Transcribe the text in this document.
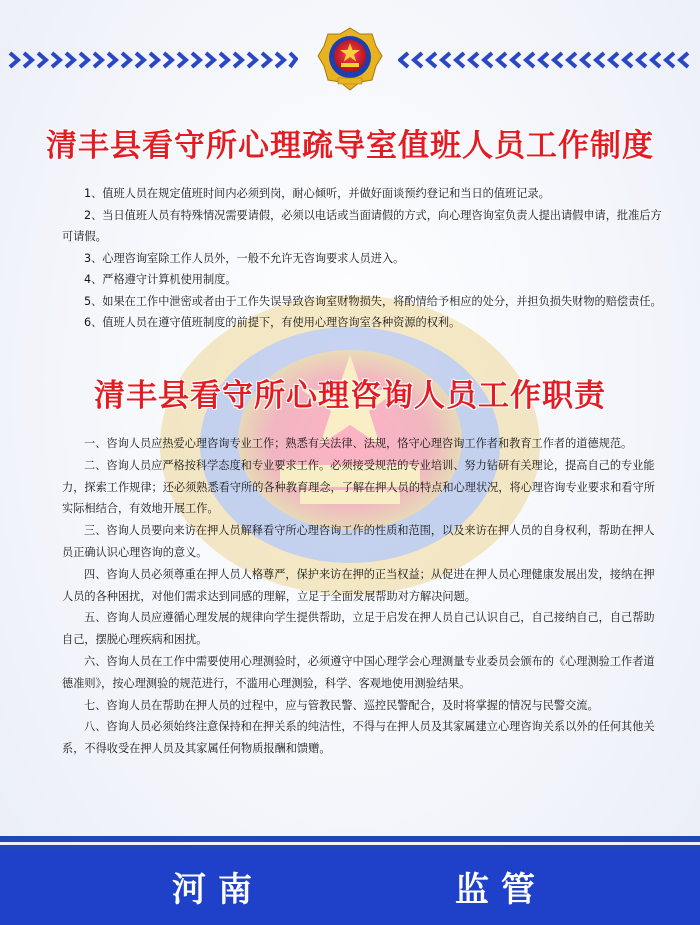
清丰县看守所心理疏导室值班人员工作制度

1、值班人员在规定值班时间内必须到岗，耐心倾听，并做好面谈预约登记和当日的值班记录。

2、当日值班人员有特殊情况需要请假，必须以电话或当面请假的方式，向心理咨询室负责人提出请假申请，批准后方可请假。

3、心理咨询室除工作人员外，一般不允许无咨询要求人员进入。

4、严格遵守计算机使用制度。

5、如果在工作中泄密或者由于工作失误导致咨询室财物损失，将酌情给予相应的处分，并担负损失财物的赔偿责任。

6、值班人员在遵守值班制度的前提下，有使用心理咨询室各种资源的权利。

清丰县看守所心理咨询人员工作职责

一、咨询人员应热爱心理咨询专业工作；熟悉有关法律、法规，恪守心理咨询工作者和教育工作者的道德规范。

二、咨询人员应严格按科学态度和专业要求工作。必须接受规范的专业培训、努力钻研有关理论，提高自己的专业能力，探索工作规律；还必须熟悉看守所的各种教育理念，了解在押人员的特点和心理状况，将心理咨询专业要求和看守所实际相结合，有效地开展工作。

三、咨询人员要向来访在押人员解释看守所心理咨询工作的性质和范围，以及来访在押人员的自身权利，帮助在押人员正确认识心理咨询的意义。

四、咨询人员必须尊重在押人员人格尊严，保护来访在押的正当权益；从促进在押人员心理健康发展出发，接纳在押人员的各种困扰，对他们需求达到同感的理解，立足于全面发展帮助对方解决问题。

五、咨询人员应遵循心理发展的规律向学生提供帮助，立足于启发在押人员自己认识自己，自己接纳自己，自己帮助自己，摆脱心理疾病和困扰。

六、咨询人员在工作中需要使用心理测验时，必须遵守中国心理学会心理测量专业委员会颁布的《心理测验工作者道德准则》，按心理测验的规范进行，不滥用心理测验，科学、客观地使用测验结果。

七、咨询人员在帮助在押人员的过程中，应与管教民警、巡控民警配合，及时将掌握的情况与民警交流。

八、咨询人员必须始终注意保持和在押关系的纯洁性，不得与在押人员及其家属建立心理咨询关系以外的任何其他关系，不得收受在押人员及其家属任何物质报酬和馈赠。

河南	监管
